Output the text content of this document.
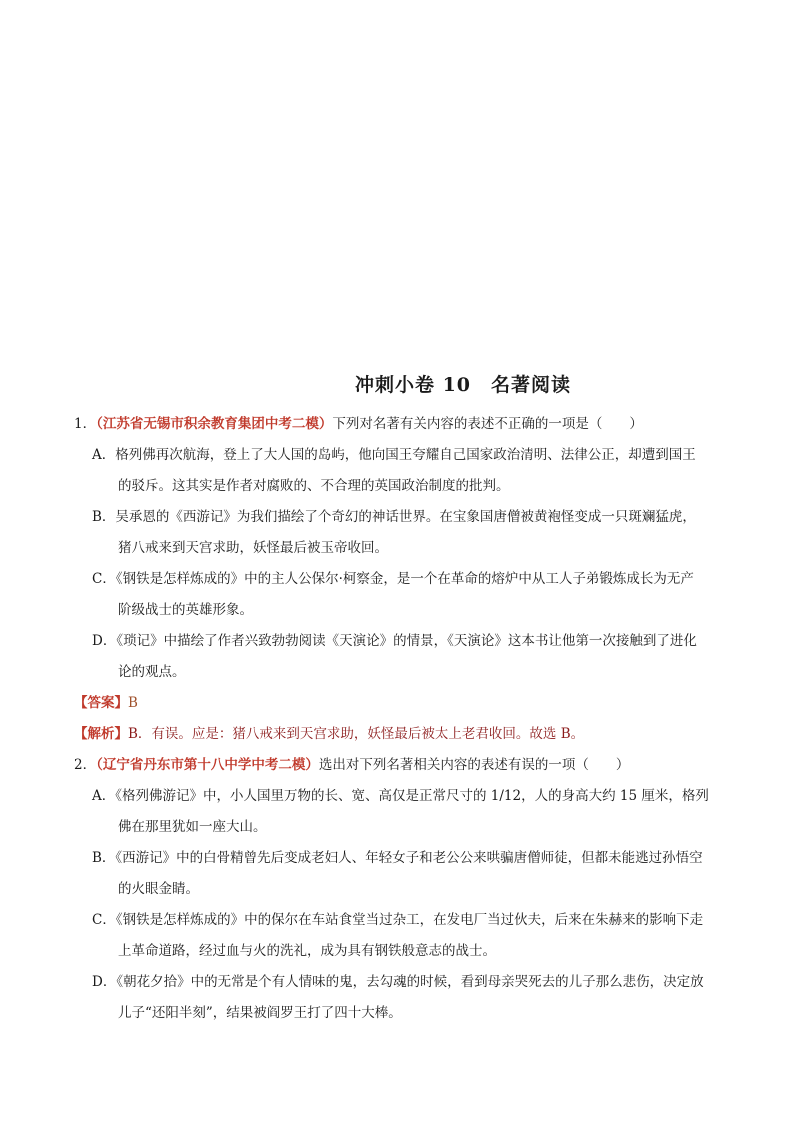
冲刺小卷 10　名著阅读
1．（江苏省无锡市积余教育集团中考二模）下列对名著有关内容的表述不正确的一项是（　　）
A．格列佛再次航海，登上了大人国的岛屿，他向国王夸耀自己国家政治清明、法律公正，却遭到国王
的驳斥。这其实是作者对腐败的、不合理的英国政治制度的批判。
B．吴承恩的《西游记》为我们描绘了个奇幻的神话世界。在宝象国唐僧被黄袍怪变成一只斑斓猛虎，
猪八戒来到天宫求助，妖怪最后被玉帝收回。
C．《钢铁是怎样炼成的》中的主人公保尔·柯察金，是一个在革命的熔炉中从工人子弟锻炼成长为无产
阶级战士的英雄形象。
D．《琐记》中描绘了作者兴致勃勃阅读《天演论》的情景，《天演论》这本书让他第一次接触到了进化
论的观点。
【答案】B
【解析】B．有误。应是：猪八戒来到天宫求助，妖怪最后被太上老君收回。故选 B。
2．（辽宁省丹东市第十八中学中考二模）选出对下列名著相关内容的表述有误的一项（　　）
A．《格列佛游记》中，小人国里万物的长、宽、高仅是正常尺寸的 1/12，人的身高大约 15 厘米，格列
佛在那里犹如一座大山。
B．《西游记》中的白骨精曾先后变成老妇人、年轻女子和老公公来哄骗唐僧师徒，但都未能逃过孙悟空
的火眼金睛。
C．《钢铁是怎样炼成的》中的保尔在车站食堂当过杂工，在发电厂当过伙夫，后来在朱赫来的影响下走
上革命道路，经过血与火的洗礼，成为具有钢铁般意志的战士。
D．《朝花夕拾》中的无常是个有人情味的鬼，去勾魂的时候，看到母亲哭死去的儿子那么悲伤，决定放
儿子“还阳半刻”，结果被阎罗王打了四十大棒。
